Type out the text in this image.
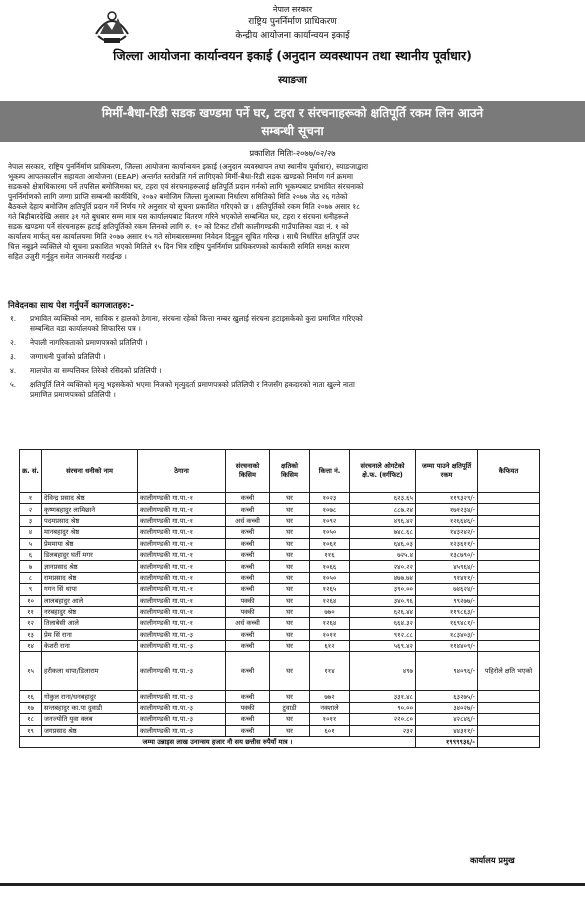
नेपाल सरकार
राष्ट्रिय पुनर्निर्माण प्राधिकरण
केन्द्रीय आयोजना कार्यान्वयन इकाई
जिल्ला आयोजना कार्यान्वयन इकाई (अनुदान व्यवस्थापन तथा स्थानीय पूर्वाधार)
स्याङजा
मिर्मी-बैधा-रिडी सडक खण्डमा पर्ने घर, टहरा र संरचनाहरूको क्षतिपूर्ति रकम लिन आउने
सम्बन्धी सूचना
प्रकाशित मितिः-२०७७/०२/२७
नेपाल सरकार, राष्ट्रिय पुनर्निर्माण प्राधिकरण, जिल्ला आयोजना कार्यान्वयन इकाई (अनुदान व्यवस्थापन तथा स्थानीय पूर्वाधार), स्याङजाद्वारा
भूकम्प आपतकालीन सहायता आयोजना (EEAP) अन्तर्गत स्तरोन्नति गर्न लागिएको मिर्मी-बैधा-रिडी सडक खण्डको निर्माण गर्न क्रममा
सडकको क्षेत्राधिकारमा पर्ने तपसिल बमोजिमका घर, टहरा एवं संरचनाहरूलाई क्षतिपूर्ति प्रदान गर्नको लागि भूकम्पबाट प्रभावित संरचनाको
पुनर्निर्माणको लागि जग्गा प्राप्ति सम्बन्धी कार्यविधि, २०७२ बमोजिम जिल्ला मुआब्जा निर्धारण समितिको मिति २०७७ जेठ २६ गतेको
बैठकले देहाय बमोजिम क्षतिपूर्ति प्रदान गर्ने निर्णय गरे अनुसार यो सूचना प्रकाशित गरिएको छ । क्षतिपूर्तिको रकम मिति २०७७ असार १८
गते बिहीबारदेखि असार ३१ गते बुधबार सम्म मात्र यस कार्यालयबाट वितरण गरिने भएकोले सम्बन्धित घर, टहरा र संरचना धनीहरूले
सडक खण्डमा पर्ने संरचनाहरू हटाई क्षतिपूर्तिको रकम लिनको लागि रु. १० को टिकट टाँसी कालीगण्डकी गाउँपालिका वडा नं. १ को
कार्यालय मार्फत् यस कार्यालयमा मिति २०७७ असार १५ गते सोमबारसम्ममा निवेदन दिनुहुन सूचित गरिन्छ । साथै निर्धारित क्षतिपूर्ति उपर
चित्त नबुझ्ने व्यक्तिले यो सूचना प्रकाशित भएको मितिले १५ दिन भित्र राष्ट्रिय पुनर्निर्माण प्राधिकरणको कार्यकारी समिति समक्ष कारण
सहित उजुरी गर्नुहुन समेत जानकारी गराईन्छ ।
निवेदनका साथ पेश गर्नुपर्ने कागजातहरु:-
१. प्रभावित व्यक्तिको नाम, साविक र हालको ठेगाना, संरचना रहेको कित्ता नम्बर खुलाई संरचना हटाइसकेको कुरा प्रमाणित गरिएको
सम्बन्धित वडा कार्यालयको सिफारिस पत्र ।
२. नेपाली नागरिकताको प्रमाणपत्रको प्रतिलिपी ।
३. जग्गाधनी पुर्जाको प्रतिलिपी ।
४. मालपोत वा सम्पत्तिकर तिरेको रसिदको प्रतिलिपी ।
५. क्षतिपूर्ति लिने व्यक्तिको मृत्यु भइसकेको भएमा निजको मृत्युदर्ता प्रमाणपत्रको प्रतिलिपी र निजसँग हकदारको नाता खुल्ने नाता
प्रमाणित प्रमाणपत्रको प्रतिलिपी ।
क्र. सं.	संरचना धनीको नाम	ठेगाना	संरचनाको किसिम	क्षतिको किसिम	कित्ता नं.	संरचनाले ओगटेको क्षे.फ. (वर्गफिट)	जम्मा पाउने क्षतिपूर्ति रकम	कैफियत
१	देविन्द्र प्रसाद श्रेष्ठ	कालीगण्डकी गा.पा.-१	कच्ची	घर	१०२३	६२३.६५	११९३२९/-	
२	कृष्णबहादुर लामिछाने	कालीगण्डकी गा.पा.-१	कच्ची	घर	१०७८	८८७.२४	१७१२३४/-	
३	पदमप्रसाद श्रेष्ठ	कालीगण्डकी गा.पा.-१	अर्ध कच्ची	घर	१०९२	४९६.४२	१२६६४६/-	
४	मानबहादुर श्रेष्ठ	कालीगण्डकी गा.पा.-१	कच्ची	घर	१०५०	७४८.६८	१४३२४२/-	
५	प्रेममाया श्रेष्ठ	कालीगण्डकी गा.पा.-१	कच्ची	घर	१०६१	६४६.०३	१२३६११/-	
६	डिलबहादुर घर्ती मगर	कालीगण्डकी गा.पा.-१	कच्ची	घर	११६	७२५.४	१३८७९०/-	
७	ज्ञानप्रसाद श्रेष्ठ	कालीगण्डकी गा.पा.-१	कच्ची	घर	१०६६	२४०.२२	४५९६४/-	
८	रामप्रसाद श्रेष्ठ	कालीगण्डकी गा.पा.-१	कच्ची	घर	१०५०	४७७.७४	९१४११/-	
९	गगन सिं थापा	कालीगण्डकी गा.पा.-१	कच्ची	घर	१२६५	३९०.००	७४६२४/-	
१०	लालबहादुर आले	कालीगण्डकी गा.पा.-१	पक्की	घर	१२६४	३४०.९६	९९२७७/-	
११	नरबहादुर श्रेष्ठ	कालीगण्डकी गा.पा.-१	पक्की	घर	७७०	६२६.४४	११९८६३/-	
१२	तिलाबेसी आले	कालीगण्डकी गा.पा.-१	अर्ध कच्ची	घर	१२६४	६६४.३२	१६९४८१/-	
१३	प्रेम सिं राना	कालीगण्डकी गा.पा.-३	कच्ची	घर	१०११	९१२.८८	१८३४०३/-	
१४	केशरी राना	कालीगण्डकी गा.पा.-३	कच्ची	घर	६१२	५६९.४२	११४४०९/-	
१५	हरीकला थापा/डिलाराम	कालीगण्डकी गा.पा.-३	कच्ची	घर	११४	४९७	९४०९६/-	पहिरोले क्षति भएको
१६	गोकुल राना/धनबहादुर	कालीगण्डकी गा.पा.-३	कच्ची	घर	७७२	३३१.४८	६३२७५/-	
१७	सन्तबहादुर का.पा दुवाडी	कालीगण्डकी गा.पा.-३	पक्की	टुवाडी	नक्शाले	९०.००	३४०२७/-	
१८	जनज्योति युवा क्लब	कालीगण्डकी गा.पा.-३	कच्ची	घर	१०११	२२०.८०	४२८४६/-	
१९	जगप्रसाद श्रेष्ठ	कालीगण्डकी गा.पा.-३	कच्ची	घर	६०१	२३२	४४३११/-	
जम्मा उन्नाइस लाख उनान्सय हजार नौ सय छत्तीस रुपैयाँ मात्र ।							१९९९९३६/-	
कार्यालय प्रमुख
